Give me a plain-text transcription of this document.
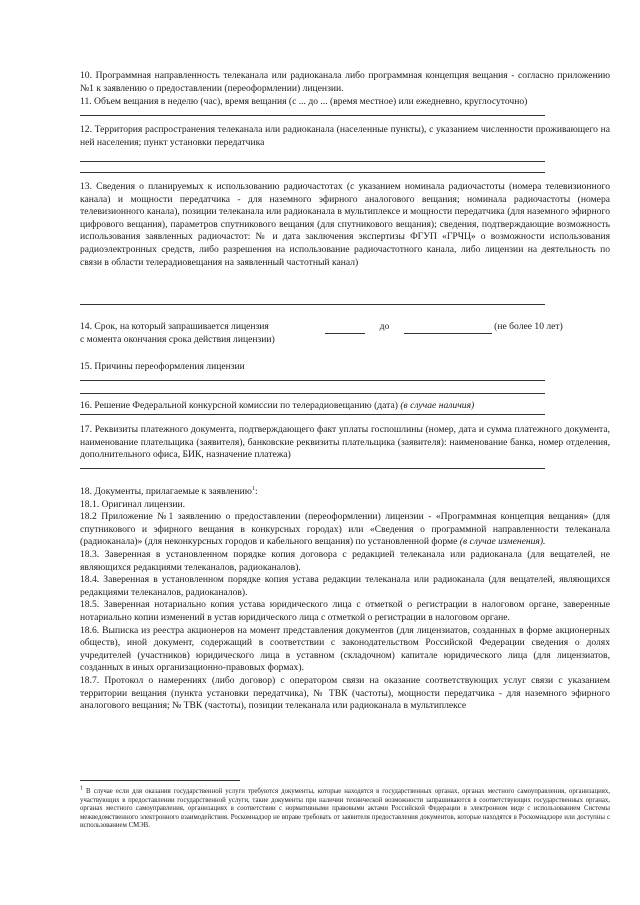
10. Программная направленность телеканала или радиоканала либо программная концепция вещания - согласно приложению №1 к заявлению о предоставлении (переоформлении) лицензии.

11. Объем вещания в неделю (час), время вещания (с ... до ... (время местное) или ежедневно, круглосуточно)

12. Территория распространения телеканала или радиоканала (населенные пункты), с указанием численности проживающего на ней населения; пункт установки передатчика

13. Сведения о планируемых к использованию радиочастотах (с указанием номинала радиочастоты (номера телевизионного канала) и мощности передатчика - для наземного эфирного аналогового вещания; номинала радиочастоты (номера телевизионного канала), позиции телеканала или радиоканала в мультиплексе и мощности передатчика (для наземного эфирного цифрового вещания), параметров спутникового вещания (для спутникового вещания); сведения, подтверждающие возможность использования заявленных радиочастот: № и дата заключения экспертизы ФГУП «ГРЧЦ» о возможности использования радиоэлектронных средств, либо разрешения на использование радиочастотного канала, либо лицензии на деятельность по связи в области телерадиовещания на заявленный частотный канал)

14. Срок, на который запрашивается лицензия	до	(не более 10 лет)

с момента окончания срока действия лицензии)

15. Причины переоформления лицензии

16. Решение Федеральной конкурсной комиссии по телерадиовещанию (дата) (в случае наличия)

17. Реквизиты платежного документа, подтверждающего факт уплаты госпошлины (номер, дата и сумма платежного документа, наименование плательщика (заявителя), банковские реквизиты плательщика (заявителя): наименование банка, номер отделения, дополнительного офиса, БИК, назначение платежа)

18. Документы, прилагаемые к заявлению$^1$:

18.1. Оригинал лицензии.

18.2 Приложение №1 заявлению о предоставлении (переоформлении) лицензии - «Программная концепция вещания» (для спутникового и эфирного вещания в конкурсных городах) или «Сведения о программной направленности телеканала (радиоканала)» (для неконкурсных городов и кабельного вещания) по установленной форме (в случае изменения).

18.3. Заверенная в установленном порядке копия договора с редакцией телеканала или радиоканала (для вещателей, не являющихся редакциями телеканалов, радиоканалов).

18.4. Заверенная в установленном порядке копия устава редакции телеканала или радиоканала (для вещателей, являющихся редакциями телеканалов, радиоканалов).

18.5. Заверенная нотариально копия устава юридического лица с отметкой о регистрации в налоговом органе, заверенные нотариально копии изменений в устав юридического лица с отметкой о регистрации в налоговом органе.

18.6. Выписка из реестра акционеров на момент представления документов (для лицензиатов, созданных в форме акционерных обществ), иной документ, содержащий в соответствии с законодательством Российской Федерации сведения о долях учредителей (участников) юридического лица в уставном (складочном) капитале юридического лица (для лицензиатов, созданных в иных организационно-правовых формах).

18.7. Протокол о намерениях (либо договор) с оператором связи на оказание соответствующих услуг связи с указанием территории вещания (пункта установки передатчика), № ТВК (частоты), мощности передатчика - для наземного эфирного аналогового вещания; № ТВК (частоты), позиции телеканала или радиоканала в мультиплексе

$^1$ В случае если для оказания государственной услуги требуются документы, которые находятся в государственных органах, органах местного самоуправления, организациях, участвующих в предоставлении государственной услуги, такие документы при наличии технической возможности запрашиваются в соответствующих государственных органах, органах местного самоуправления, организациях в соответствии с нормативными правовыми актами Российской Федерации в электронном виде с использованием Системы межведомственного электронного взаимодействия. Роскомнадзор не вправе требовать от заявителя предоставления документов, которые находятся в Роскомнадзоре или доступны с использованием СМЭВ.
